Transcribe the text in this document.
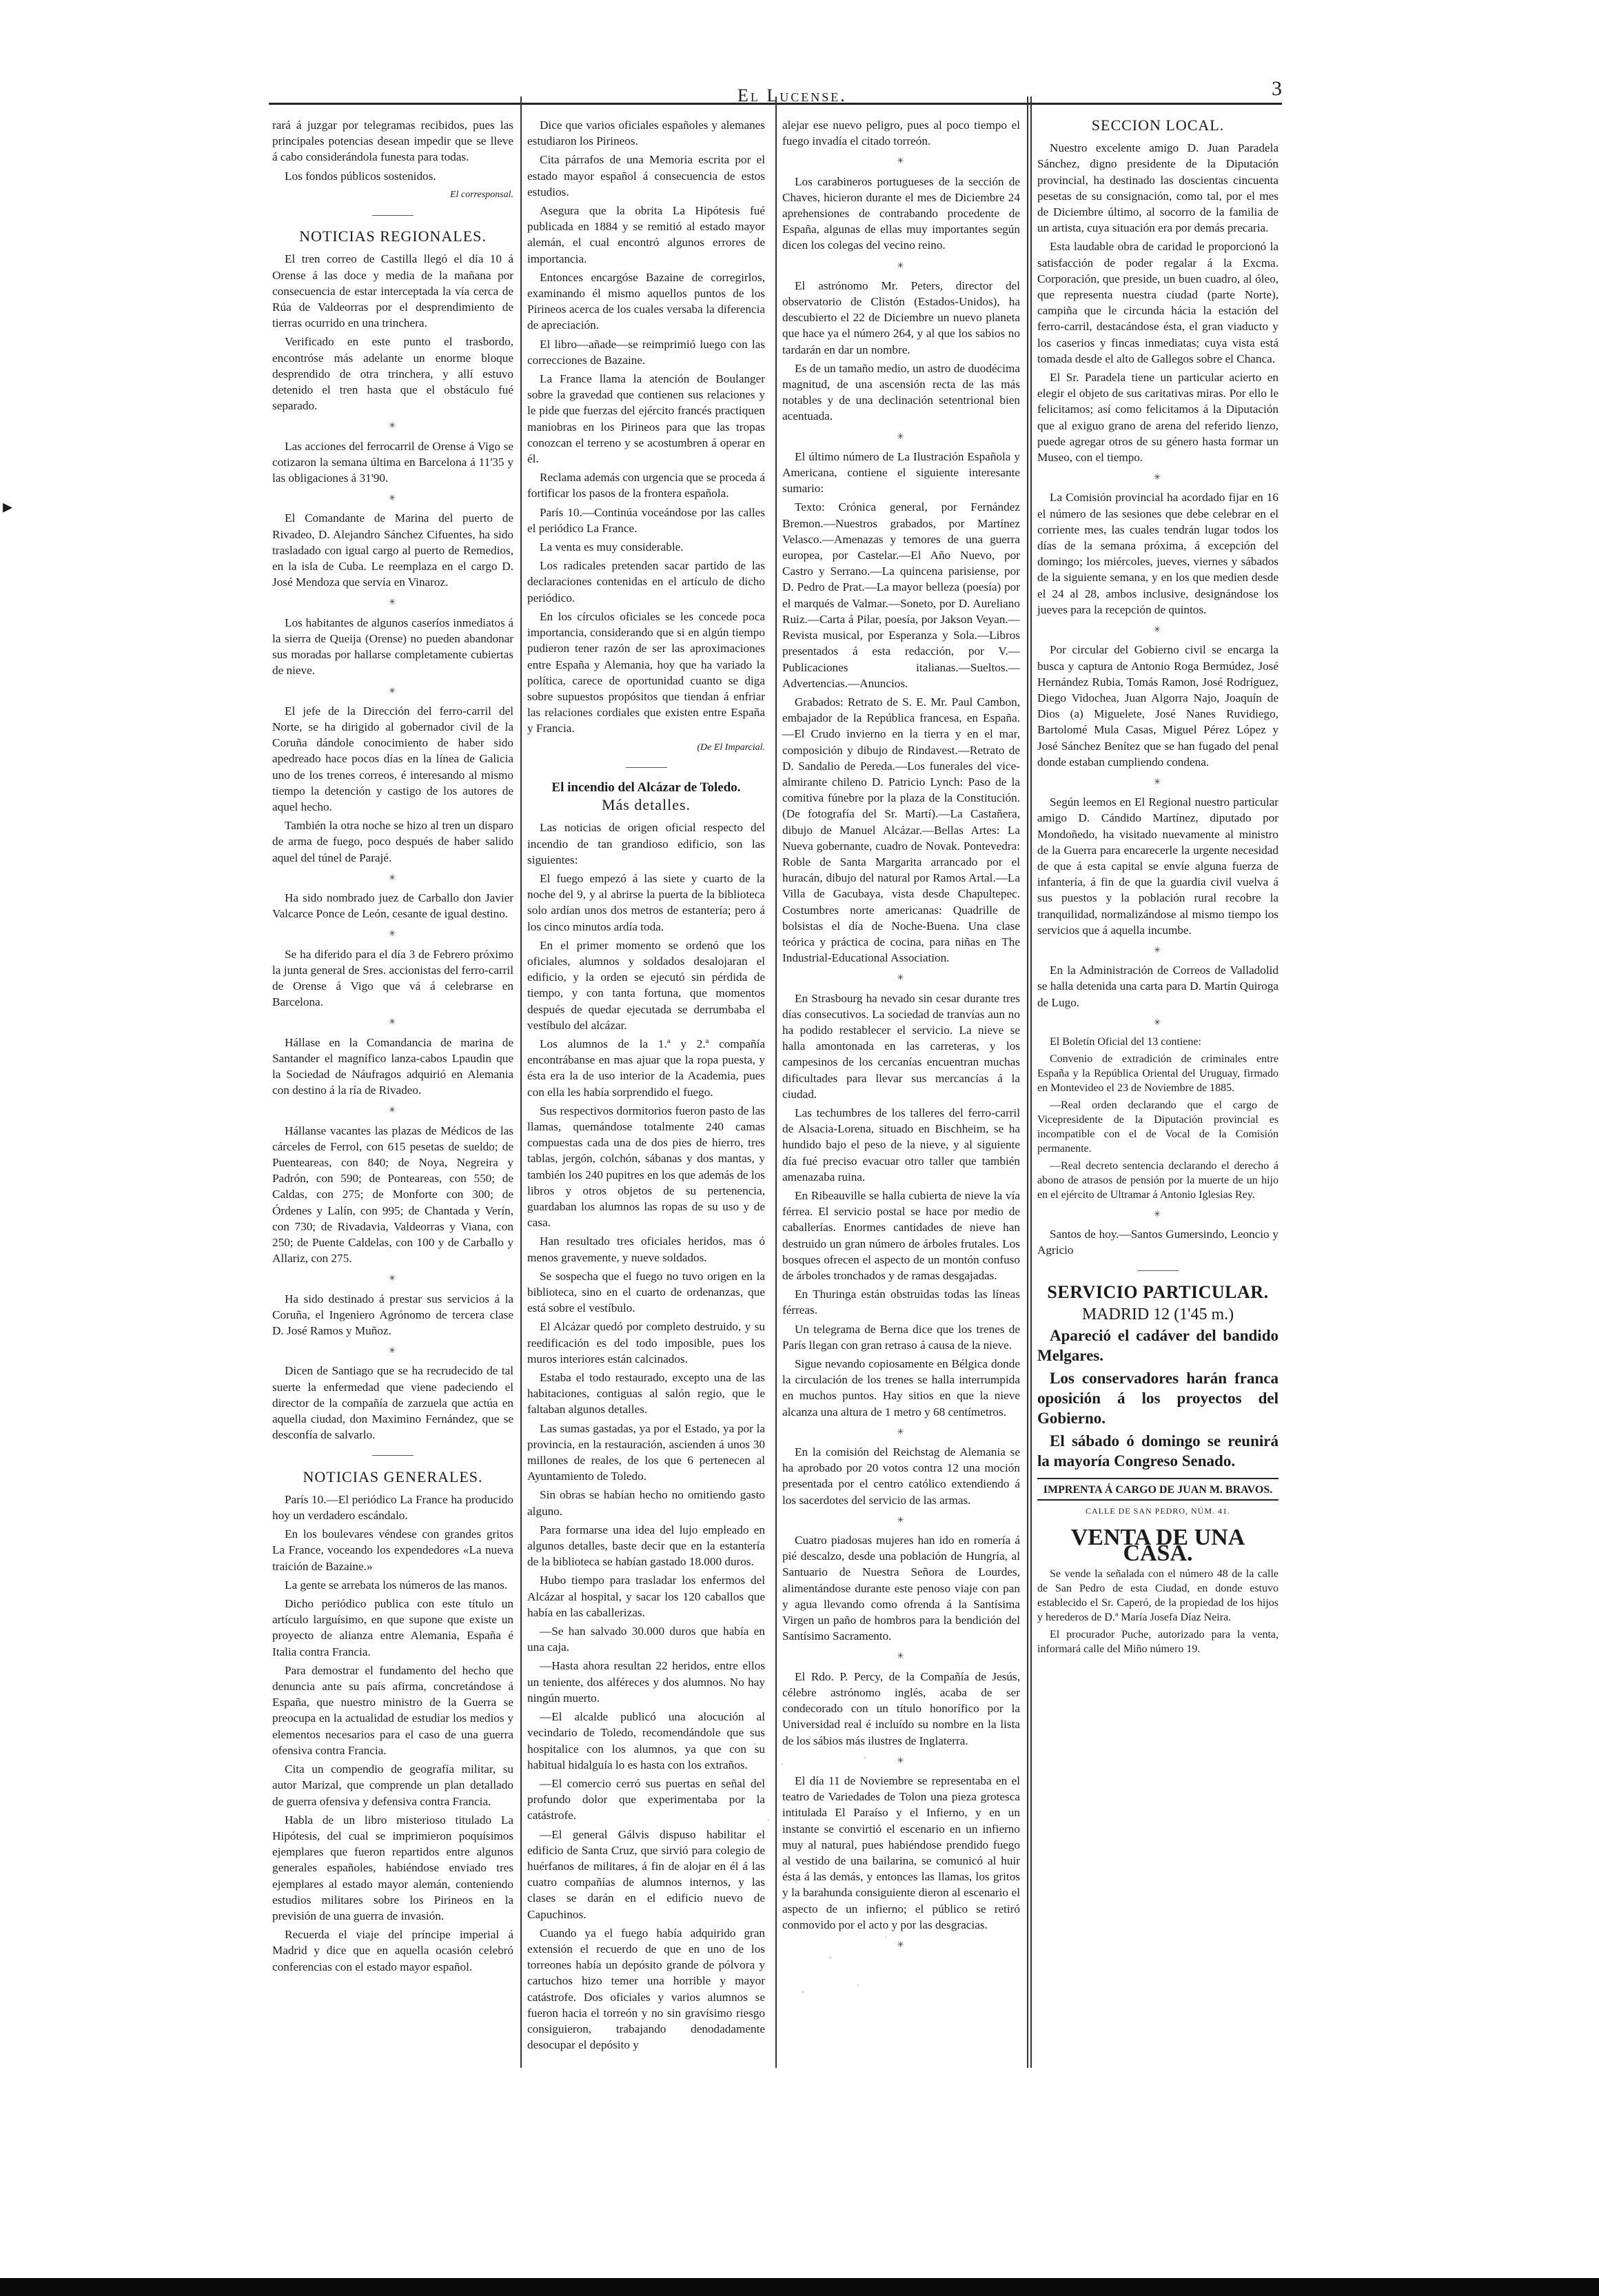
▸
El Lucense.	3

rará á juzgar por telegramas recibidos, pues las principales potencias desean impedir que se lleve á cabo considerándola funesta para todas.

Los fondos públicos sostenidos.

El corresponsal.

NOTICIAS REGIONALES.

El tren correo de Castilla llegó el día 10 á Orense á las doce y media de la mañana por consecuencia de estar interceptada la vía cerca de Rúa de Valdeorras por el desprendimiento de tierras ocurrido en una trinchera.

Verificado en este punto el trasbordo, encontróse más adelante un enorme bloque desprendido de otra trinchera, y allí estuvo detenido el tren hasta que el obstáculo fué separado.

✳

Las acciones del ferrocarril de Orense á Vigo se cotizaron la semana última en Barcelona á 11'35 y las obligaciones á 31'90.

✳

El Comandante de Marina del puerto de Rivadeo, D. Alejandro Sánchez Cifuentes, ha sido trasladado con igual cargo al puerto de Remedios, en la isla de Cuba. Le reemplaza en el cargo D. José Mendoza que servía en Vinaroz.

✳

Los habitantes de algunos caseríos inmediatos á la sierra de Queija (Orense) no pueden abandonar sus moradas por hallarse completamente cubiertas de nieve.

✳

El jefe de la Dirección del ferro-carril del Norte, se ha dirigido al gobernador civil de la Coruña dándole conocimiento de haber sido apedreado hace pocos días en la línea de Galicia uno de los trenes correos, é interesando al mismo tiempo la detención y castigo de los autores de aquel hecho.

También la otra noche se hizo al tren un disparo de arma de fuego, poco después de haber salido aquel del túnel de Parajé.

✳

Ha sido nombrado juez de Carballo don Javier Valcarce Ponce de León, cesante de igual destino.

✳

Se ha diferido para el día 3 de Febrero próximo la junta general de Sres. accionistas del ferro-carril de Orense á Vigo que vá á celebrarse en Barcelona.

✳

Hállase en la Comandancia de marina de Santander el magnífico lanza-cabos Lpaudin que la Sociedad de Náufragos adquirió en Alemania con destino á la ría de Rivadeo.

✳

Hállanse vacantes las plazas de Médicos de las cárceles de Ferrol, con 615 pesetas de sueldo; de Puenteareas, con 840; de Noya, Negreira y Padrón, con 590; de Ponteareas, con 550; de Caldas, con 275; de Monforte con 300; de Órdenes y Lalín, con 995; de Chantada y Verín, con 730; de Rivadavia, Valdeorras y Viana, con 250; de Puente Caldelas, con 100 y de Carballo y Allariz, con 275.

✳

Ha sido destinado á prestar sus servicios á la Coruña, el Ingeniero Agrónomo de tercera clase D. José Ramos y Muñoz.

✳

Dicen de Santiago que se ha recrudecido de tal suerte la enfermedad que viene padeciendo el director de la compañía de zarzuela que actúa en aquella ciudad, don Maximino Fernández, que se desconfía de salvarlo.

NOTICIAS GENERALES.

París 10.—El periódico La France ha producido hoy un verdadero escándalo.

En los boulevares véndese con grandes gritos La France, voceando los expendedores «La nueva traición de Bazaine.»

La gente se arrebata los números de las manos.

Dicho periódico publica con este título un artículo larguísimo, en que supone que existe un proyecto de alianza entre Alemania, España é Italia contra Francia.

Para demostrar el fundamento del hecho que denuncia ante su país afirma, concretándose á España, que nuestro ministro de la Guerra se preocupa en la actualidad de estudiar los medios y elementos necesarios para el caso de una guerra ofensiva contra Francia.

Cita un compendio de geografía militar, su autor Marizal, que comprende un plan detallado de guerra ofensiva y defensiva contra Francia.

Habla de un libro misterioso titulado La Hipótesis, del cual se imprimieron poquísimos ejemplares que fueron repartidos entre algunos generales españoles, habiéndose enviado tres ejemplares al estado mayor alemán, conteniendo estudios militares sobre los Pirineos en la previsión de una guerra de invasión.

Recuerda el viaje del príncipe imperial á Madrid y dice que en aquella ocasión celebró conferencias con el estado mayor español.

Dice que varios oficiales españoles y alemanes estudiaron los Pirineos.

Cita párrafos de una Memoria escrita por el estado mayor español á consecuencia de estos estudios.

Asegura que la obrita La Hipótesis fué publicada en 1884 y se remitió al estado mayor alemán, el cual encontró algunos errores de importancia.

Entonces encargóse Bazaine de corregirlos, examinando él mismo aquellos puntos de los Pirineos acerca de los cuales versaba la diferencia de apreciación.

El libro—añade—se reimprimió luego con las correcciones de Bazaine.

La France llama la atención de Boulanger sobre la gravedad que contienen sus relaciones y le pide que fuerzas del ejército francés practiquen maniobras en los Pirineos para que las tropas conozcan el terreno y se acostumbren á operar en él.

Reclama además con urgencia que se proceda á fortificar los pasos de la frontera española.

París 10.—Continúa voceándose por las calles el periódico La France.

La venta es muy considerable.

Los radicales pretenden sacar partido de las declaraciones contenidas en el artículo de dicho periódico.

En los círculos oficiales se les concede poca importancia, considerando que si en algún tiempo pudieron tener razón de ser las aproximaciones entre España y Alemania, hoy que ha variado la política, carece de oportunidad cuanto se diga sobre supuestos propósitos que tiendan á enfriar las relaciones cordiales que existen entre España y Francia.

(De El Imparcial.

El incendio del Alcázar de Toledo.
Más detalles.

Las noticias de origen oficial respecto del incendio de tan grandioso edificio, son las siguientes:

El fuego empezó á las siete y cuarto de la noche del 9, y al abrirse la puerta de la biblioteca solo ardían unos dos metros de estantería; pero á los cinco minutos ardía toda.

En el primer momento se ordenó que los oficiales, alumnos y soldados desalojaran el edificio, y la orden se ejecutó sin pérdida de tiempo, y con tanta fortuna, que momentos después de quedar ejecutada se derrumbaba el vestíbulo del alcázar.

Los alumnos de la 1.ª y 2.ª compañía encontrábanse en mas ajuar que la ropa puesta, y ésta era la de uso interior de la Academia, pues con ella les había sorprendido el fuego.

Sus respectivos dormitorios fueron pasto de las llamas, quemándose totalmente 240 camas compuestas cada una de dos pies de hierro, tres tablas, jergón, colchón, sábanas y dos mantas, y también los 240 pupitres en los que además de los libros y otros objetos de su pertenencia, guardaban los alumnos las ropas de su uso y de casa.

Han resultado tres oficiales heridos, mas ó menos gravemente, y nueve soldados.

Se sospecha que el fuego no tuvo origen en la biblioteca, sino en el cuarto de ordenanzas, que está sobre el vestíbulo.

El Alcázar quedó por completo destruido, y su reedificación es del todo imposible, pues los muros interiores están calcinados.

Estaba el todo restaurado, excepto una de las habitaciones, contiguas al salón regio, que le faltaban algunos detalles.

Las sumas gastadas, ya por el Estado, ya por la provincia, en la restauración, ascienden á unos 30 millones de reales, de los que 6 pertenecen al Ayuntamiento de Toledo.

Sin obras se habían hecho no omitiendo gasto alguno.

Para formarse una idea del lujo empleado en algunos detalles, baste decir que en la estantería de la biblioteca se habían gastado 18.000 duros.

Hubo tiempo para trasladar los enfermos del Alcázar al hospital, y sacar los 120 caballos que había en las caballerizas.

—Se han salvado 30.000 duros que había en una caja.

—Hasta ahora resultan 22 heridos, entre ellos un teniente, dos alféreces y dos alumnos. No hay ningún muerto.

—El alcalde publicó una alocución al vecindario de Toledo, recomendándole que sus hospitalice con los alumnos, ya que con su habitual hidalguía lo es hasta con los extraños.

—El comercio cerró sus puertas en señal del profundo dolor que experimentaba por la catástrofe.

—El general Gálvis dispuso habilitar el edificio de Santa Cruz, que sirvió para colegio de huérfanos de militares, á fin de alojar en él á las cuatro compañías de alumnos internos, y las clases se darán en el edificio nuevo de Capuchinos.

Cuando ya el fuego había adquirido gran extensión el recuerdo de que en uno de los torreones había un depósito grande de pólvora y cartuchos hizo temer una horrible y mayor catástrofe. Dos oficiales y varios alumnos se fueron hacia el torreón y no sin gravísimo riesgo consiguieron, trabajando denodadamente desocupar el depósito y

alejar ese nuevo peligro, pues al poco tiempo el fuego invadía el citado torreón.

✳

Los carabineros portugueses de la sección de Chaves, hicieron durante el mes de Diciembre 24 aprehensiones de contrabando procedente de España, algunas de ellas muy importantes según dicen los colegas del vecino reino.

✳

El astrónomo Mr. Peters, director del observatorio de Clistón (Estados-Unidos), ha descubierto el 22 de Diciembre un nuevo planeta que hace ya el número 264, y al que los sabios no tardarán en dar un nombre.

Es de un tamaño medio, un astro de duodécima magnitud, de una ascensión recta de las más notables y de una declinación setentrional bien acentuada.

✳

El último número de La Ilustración Española y Americana, contiene el siguiente interesante sumario:

Texto: Crónica general, por Fernández Bremon.—Nuestros grabados, por Martínez Velasco.—Amenazas y temores de una guerra europea, por Castelar.—El Año Nuevo, por Castro y Serrano.—La quincena parisiense, por D. Pedro de Prat.—La mayor belleza (poesía) por el marqués de Valmar.—Soneto, por D. Aureliano Ruiz.—Carta á Pilar, poesía, por Jakson Veyan.—Revista musical, por Esperanza y Sola.—Libros presentados á esta redacción, por V.—Publicaciones italianas.—Sueltos.—Advertencias.—Anuncios.

Grabados: Retrato de S. E. Mr. Paul Cambon, embajador de la República francesa, en España.—El Crudo invierno en la tierra y en el mar, composición y dibujo de Rindavest.—Retrato de D. Sandalio de Pereda.—Los funerales del vice-almirante chileno D. Patricio Lynch: Paso de la comitiva fúnebre por la plaza de la Constitución. (De fotografía del Sr. Martí).—La Castañera, dibujo de Manuel Alcázar.—Bellas Artes: La Nueva gobernante, cuadro de Novak. Pontevedra: Roble de Santa Margarita arrancado por el huracán, dibujo del natural por Ramos Artal.—La Villa de Gacubaya, vista desde Chapultepec. Costumbres norte americanas: Quadrille de bolsistas el día de Noche-Buena. Una clase teórica y práctica de cocina, para niñas en The Industrial-Educational Association.

✳

En Strasbourg ha nevado sin cesar durante tres días consecutivos. La sociedad de tranvías aun no ha podido restablecer el servicio. La nieve se halla amontonada en las carreteras, y los campesinos de los cercanías encuentran muchas dificultades para llevar sus mercancías á la ciudad.

Las techumbres de los talleres del ferro-carril de Alsacia-Lorena, situado en Bischheim, se ha hundido bajo el peso de la nieve, y al siguiente día fué preciso evacuar otro taller que también amenazaba ruina.

En Ribeauville se halla cubierta de nieve la vía férrea. El servicio postal se hace por medio de caballerías. Enormes cantidades de nieve han destruido un gran número de árboles frutales. Los bosques ofrecen el aspecto de un montón confuso de árboles tronchados y de ramas desgajadas.

En Thuringa están obstruidas todas las líneas férreas.

Un telegrama de Berna dice que los trenes de París llegan con gran retraso á causa de la nieve.

Sigue nevando copiosamente en Bélgica donde la circulación de los trenes se halla interrumpida en muchos puntos. Hay sitios en que la nieve alcanza una altura de 1 metro y 68 centímetros.

✳

En la comisión del Reichstag de Alemania se ha aprobado por 20 votos contra 12 una moción presentada por el centro católico extendiendo á los sacerdotes del servicio de las armas.

✳

Cuatro piadosas mujeres han ido en romería á pié descalzo, desde una población de Hungría, al Santuario de Nuestra Señora de Lourdes, alimentándose durante este penoso viaje con pan y agua llevando como ofrenda á la Santísima Virgen un paño de hombros para la bendición del Santísimo Sacramento.

✳

El Rdo. P. Percy, de la Compañía de Jesús, célebre astrónomo inglés, acaba de ser condecorado con un título honorífico por la Universidad real é incluído su nombre en la lista de los sábios más ilustres de Inglaterra.

✳

El día 11 de Noviembre se representaba en el teatro de Variedades de Tolon una pieza grotesca intitulada El Paraíso y el Infierno, y en un instante se convirtió el escenario en un infierno muy al natural, pues habiéndose prendido fuego al vestido de una bailarina, se comunicó al huir ésta á las demás, y entonces las llamas, los gritos y la barahunda consiguiente dieron al escenario el aspecto de un infierno; el público se retiró conmovido por el acto y por las desgracias.

✳
SECCION LOCAL.

Nuestro excelente amigo D. Juan Paradela Sánchez, digno presidente de la Diputación provincial, ha destinado las doscientas cincuenta pesetas de su consignación, como tal, por el mes de Diciembre último, al socorro de la familia de un artista, cuya situación era por demás precaria.

Esta laudable obra de caridad le proporcionó la satisfacción de poder regalar á la Excma. Corporación, que preside, un buen cuadro, al óleo, que representa nuestra ciudad (parte Norte), campiña que le circunda hácia la estación del ferro-carril, destacándose ésta, el gran viaducto y los caserios y fincas inmediatas; cuya vista está tomada desde el alto de Gallegos sobre el Chanca.

El Sr. Paradela tiene un particular acierto en elegir el objeto de sus caritativas miras. Por ello le felicitamos; así como felicitamos á la Diputación que al exiguo grano de arena del referido lienzo, puede agregar otros de su género hasta formar un Museo, con el tiempo.

✳

La Comisión provincial ha acordado fijar en 16 el número de las sesiones que debe celebrar en el corriente mes, las cuales tendrán lugar todos los días de la semana próxima, á excepción del domingo; los miércoles, jueves, viernes y sábados de la siguiente semana, y en los que medien desde el 24 al 28, ambos inclusive, designándose los jueves para la recepción de quintos.

✳

Por circular del Gobierno civil se encarga la busca y captura de Antonio Roga Bermúdez, José Hernández Rubia, Tomás Ramon, José Rodríguez, Diego Vidochea, Juan Algorra Najo, Joaquín de Dios (a) Miguelete, José Nanes Ruvidiego, Bartolomé Mula Casas, Miguel Pérez López y José Sánchez Benítez que se han fugado del penal donde estaban cumpliendo condena.

✳

Según leemos en El Regional nuestro particular amigo D. Cándido Martínez, diputado por Mondoñedo, ha visitado nuevamente al ministro de la Guerra para encarecerle la urgente necesidad de que á esta capital se envíe alguna fuerza de infantería, á fin de que la guardia civil vuelva á sus puestos y la población rural recobre la tranquilidad, normalizándose al mismo tiempo los servicios que á aquella incumbe.

✳

En la Administración de Correos de Valladolid se halla detenida una carta para D. Martín Quiroga de Lugo.

✳

El Boletín Oficial del 13 contiene:

Convenio de extradición de criminales entre España y la República Oriental del Uruguay, firmado en Montevideo el 23 de Noviembre de 1885.

—Real orden declarando que el cargo de Vicepresidente de la Diputación provincial es incompatible con el de Vocal de la Comisión permanente.

—Real decreto sentencia declarando el derecho á abono de atrasos de pensión por la muerte de un hijo en el ejército de Ultramar á Antonio Iglesias Rey.

✳

Santos de hoy.—Santos Gumersindo, Leoncio y Agricio

SERVICIO PARTICULAR.
MADRID 12 (1'45 m.)

Apareció el cadáver del bandido Melgares.

Los conservadores harán franca oposición á los proyectos del Gobierno.

El sábado ó domingo se reunirá la mayoría Congreso Senado.

IMPRENTA Á CARGO DE JUAN M. BRAVOS.
CALLE DE SAN PEDRO, NÚM. 41.
VENTA DE UNA CASA.

Se vende la señalada con el número 48 de la calle de San Pedro de esta Ciudad, en donde estuvo establecido el Sr. Caperó, de la propiedad de los hijos y herederos de D.ª María Josefa Díaz Neira.

El procurador Puche, autorizado para la venta, informará calle del Miño número 19.
